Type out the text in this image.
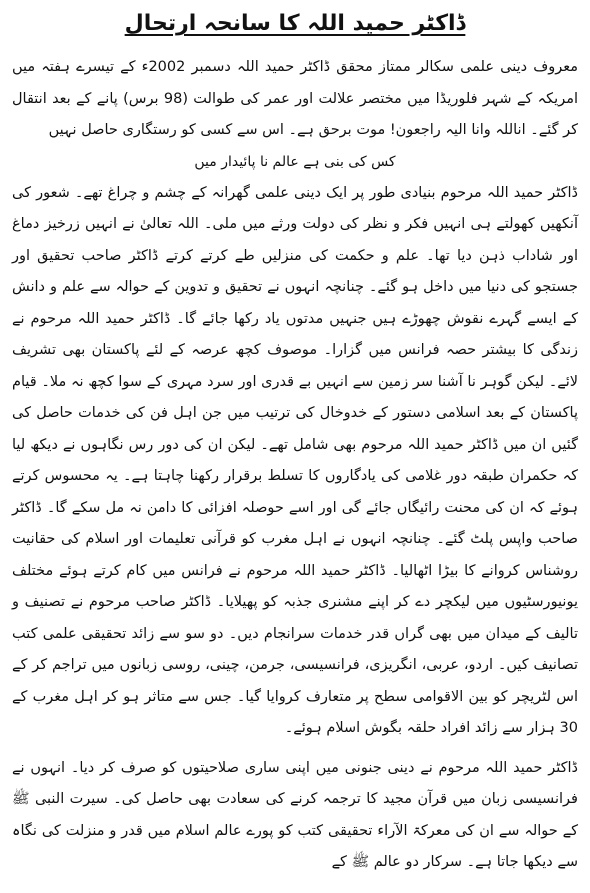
ڈاکٹر حمید اللہ کا سانحہ ارتحال

معروف دینی علمی سکالر ممتاز محقق ڈاکٹر حمید اللہ دسمبر 2002ء کے تیسرے ہفتہ میں امریکہ کے شہر فلوریڈا میں مختصر علالت اور عمر کی طوالت (98 برس) پانے کے بعد انتقال کر گئے۔ اناللہ وانا الیہ راجعون! موت برحق ہے۔ اس سے کسی کو رستگاری حاصل نہیں

کس کی بنی ہے عالم نا پائیدار میں

ڈاکٹر حمید اللہ مرحوم بنیادی طور پر ایک دینی علمی گھرانہ کے چشم و چراغ تھے۔ شعور کی آنکھیں کھولتے ہی انہیں فکر و نظر کی دولت ورثے میں ملی۔ اللہ تعالیٰ نے انہیں زرخیز دماغ اور شاداب ذہن دیا تھا۔ علم و حکمت کی منزلیں طے کرتے کرتے ڈاکٹر صاحب تحقیق اور جستجو کی دنیا میں داخل ہو گئے۔ چنانچہ انہوں نے تحقیق و تدوین کے حوالہ سے علم و دانش کے ایسے گہرے نقوش چھوڑے ہیں جنہیں مدتوں یاد رکھا جائے گا۔ ڈاکٹر حمید اللہ مرحوم نے زندگی کا بیشتر حصہ فرانس میں گزارا۔ موصوف کچھ عرصہ کے لئے پاکستان بھی تشریف لائے۔ لیکن گوہر نا آشنا سر زمین سے انہیں بے قدری اور سرد مہری کے سوا کچھ نہ ملا۔ قیام پاکستان کے بعد اسلامی دستور کے خدوخال کی ترتیب میں جن اہل فن کی خدمات حاصل کی گئیں ان میں ڈاکٹر حمید اللہ مرحوم بھی شامل تھے۔ لیکن ان کی دور رس نگاہوں نے دیکھ لیا کہ حکمران طبقہ دور غلامی کی یادگاروں کا تسلط برقرار رکھنا چاہتا ہے۔ یہ محسوس کرتے ہوئے کہ ان کی محنت رائیگاں جائے گی اور اسے حوصلہ افزائی کا دامن نہ مل سکے گا۔ ڈاکٹر صاحب واپس پلٹ گئے۔ چنانچہ انہوں نے اہل مغرب کو قرآنی تعلیمات اور اسلام کی حقانیت روشناس کروانے کا بیڑا اٹھالیا۔ ڈاکٹر حمید اللہ مرحوم نے فرانس میں کام کرتے ہوئے مختلف یونیورسٹیوں میں لیکچر دے کر اپنے مشنری جذبہ کو پھیلایا۔ ڈاکٹر صاحب مرحوم نے تصنیف و تالیف کے میدان میں بھی گراں قدر خدمات سرانجام دیں۔ دو سو سے زائد تحقیقی علمی کتب تصانیف کیں۔ اردو، عربی، انگریزی، فرانسیسی، جرمن، چینی، روسی زبانوں میں تراجم کر کے اس لٹریچر کو بین الاقوامی سطح پر متعارف کروایا گیا۔ جس سے متاثر ہو کر اہل مغرب کے 30 ہزار سے زائد افراد حلقہ بگوش اسلام ہوئے۔

ڈاکٹر حمید اللہ مرحوم نے دینی جنونی میں اپنی ساری صلاحیتوں کو صرف کر دیا۔ انہوں نے فرانسیسی زبان میں قرآن مجید کا ترجمہ کرنے کی سعادت بھی حاصل کی۔ سیرت النبی ﷺ کے حوالہ سے ان کی معرکۃ الآراء تحقیقی کتب کو پورے عالم اسلام میں قدر و منزلت کی نگاہ سے دیکھا جاتا ہے۔ سرکار دو عالم ﷺ کے
